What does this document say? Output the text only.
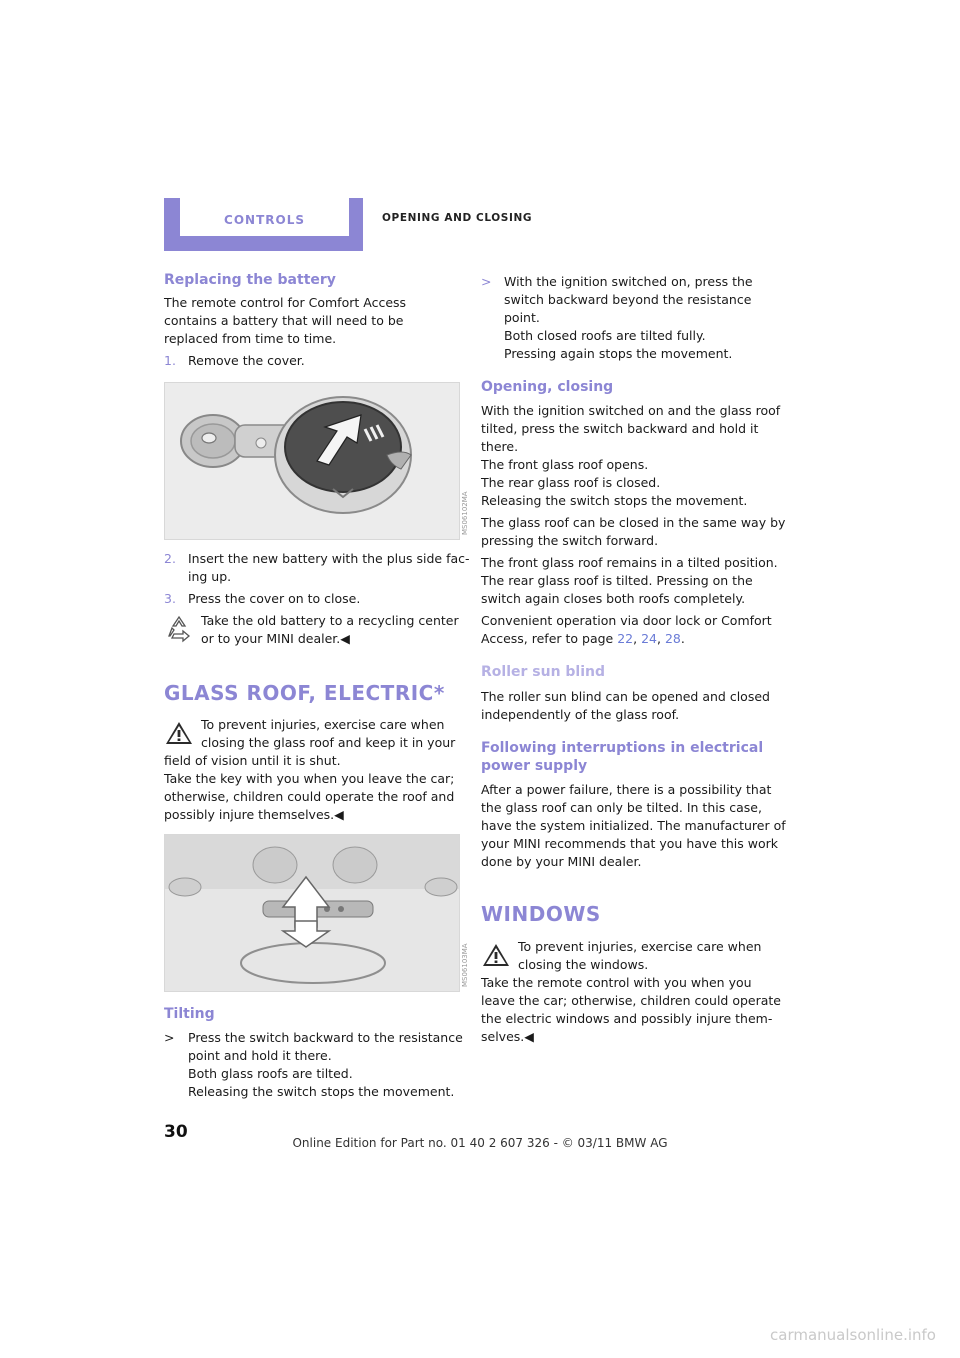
CONTROLS	OPENING AND CLOSING
Replacing the battery
The remote control for Comfort Access contains a battery that will need to be replaced from time to time.
1. Remove the cover.
MS06102MA
2. Insert the new battery with the plus side fac-
ing up.
3. Press the cover on to close.
Take the old battery to a recycling center
or to your MINI dealer.◀
GLASS ROOF, ELECTRIC*
To prevent injuries, exercise care when
closing the glass roof and keep it in your
field of vision until it is shut.
Take the key with you when you leave the car;
otherwise, children could operate the roof and
possibly injure themselves.◀
MS06103MA
Tilting
> Press the switch backward to the resistance
point and hold it there.
Both glass roofs are tilted.
Releasing the switch stops the movement.
> With the ignition switched on, press the
switch backward beyond the resistance
point.
Both closed roofs are tilted fully.
Pressing again stops the movement.
Opening, closing
With the ignition switched on and the glass roof
tilted, press the switch backward and hold it
there.
The front glass roof opens.
The rear glass roof is closed.
Releasing the switch stops the movement.
The glass roof can be closed in the same way by
pressing the switch forward.
The front glass roof remains in a tilted position.
The rear glass roof is tilted. Pressing on the
switch again closes both roofs completely.
Convenient operation via door lock or Comfort
Access, refer to page 22, 24, 28.
Roller sun blind
The roller sun blind can be opened and closed
independently of the glass roof.
Following interruptions in electrical
power supply
After a power failure, there is a possibility that
the glass roof can only be tilted. In this case,
have the system initialized. The manufacturer of
your MINI recommends that you have this work
done by your MINI dealer.
WINDOWS
To prevent injuries, exercise care when
closing the windows.
Take the remote control with you when you
leave the car; otherwise, children could operate
the electric windows and possibly injure them-
selves.◀
30
Online Edition for Part no. 01 40 2 607 326 - © 03/11 BMW AG
carmanualsonline.info
